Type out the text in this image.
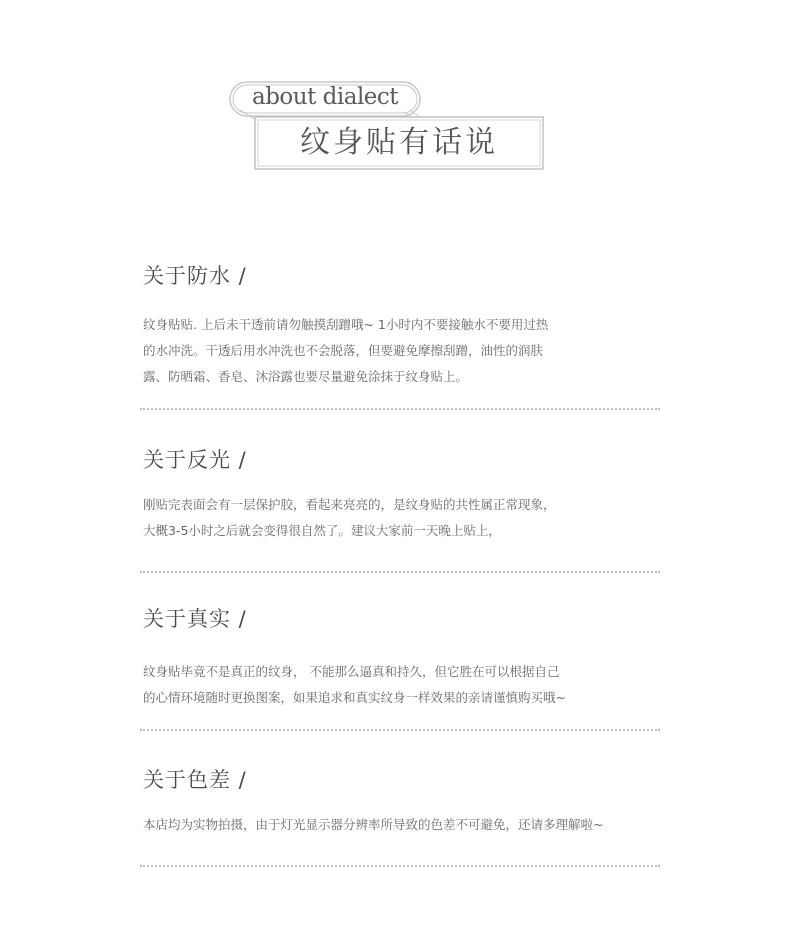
about dialect
纹身贴有话说
关于防水 /
纹身贴贴. 上后未干透前请勿触摸刮蹭哦~ 1小时内不要接触水不要用过热
的水冲洗。干透后用水冲洗也不会脱落，但要避免摩擦刮蹭，油性的润肤
露、防晒霜、香皂、沐浴露也要尽量避免涂抹于纹身贴上。
关于反光 /
刚贴完表面会有一层保护胶，看起来亮亮的，是纹身贴的共性属正常现象，
大概3-5小时之后就会变得很自然了。建议大家前一天晚上贴上，
关于真实 /
纹身贴毕竟不是真正的纹身， 不能那么逼真和持久，但它胜在可以根据自己
的心情环境随时更换图案，如果追求和真实纹身一样效果的亲请谨慎购买哦~
关于色差 /
本店均为实物拍摄，由于灯光显示器分辨率所导致的色差不可避免，还请多理解啦~
